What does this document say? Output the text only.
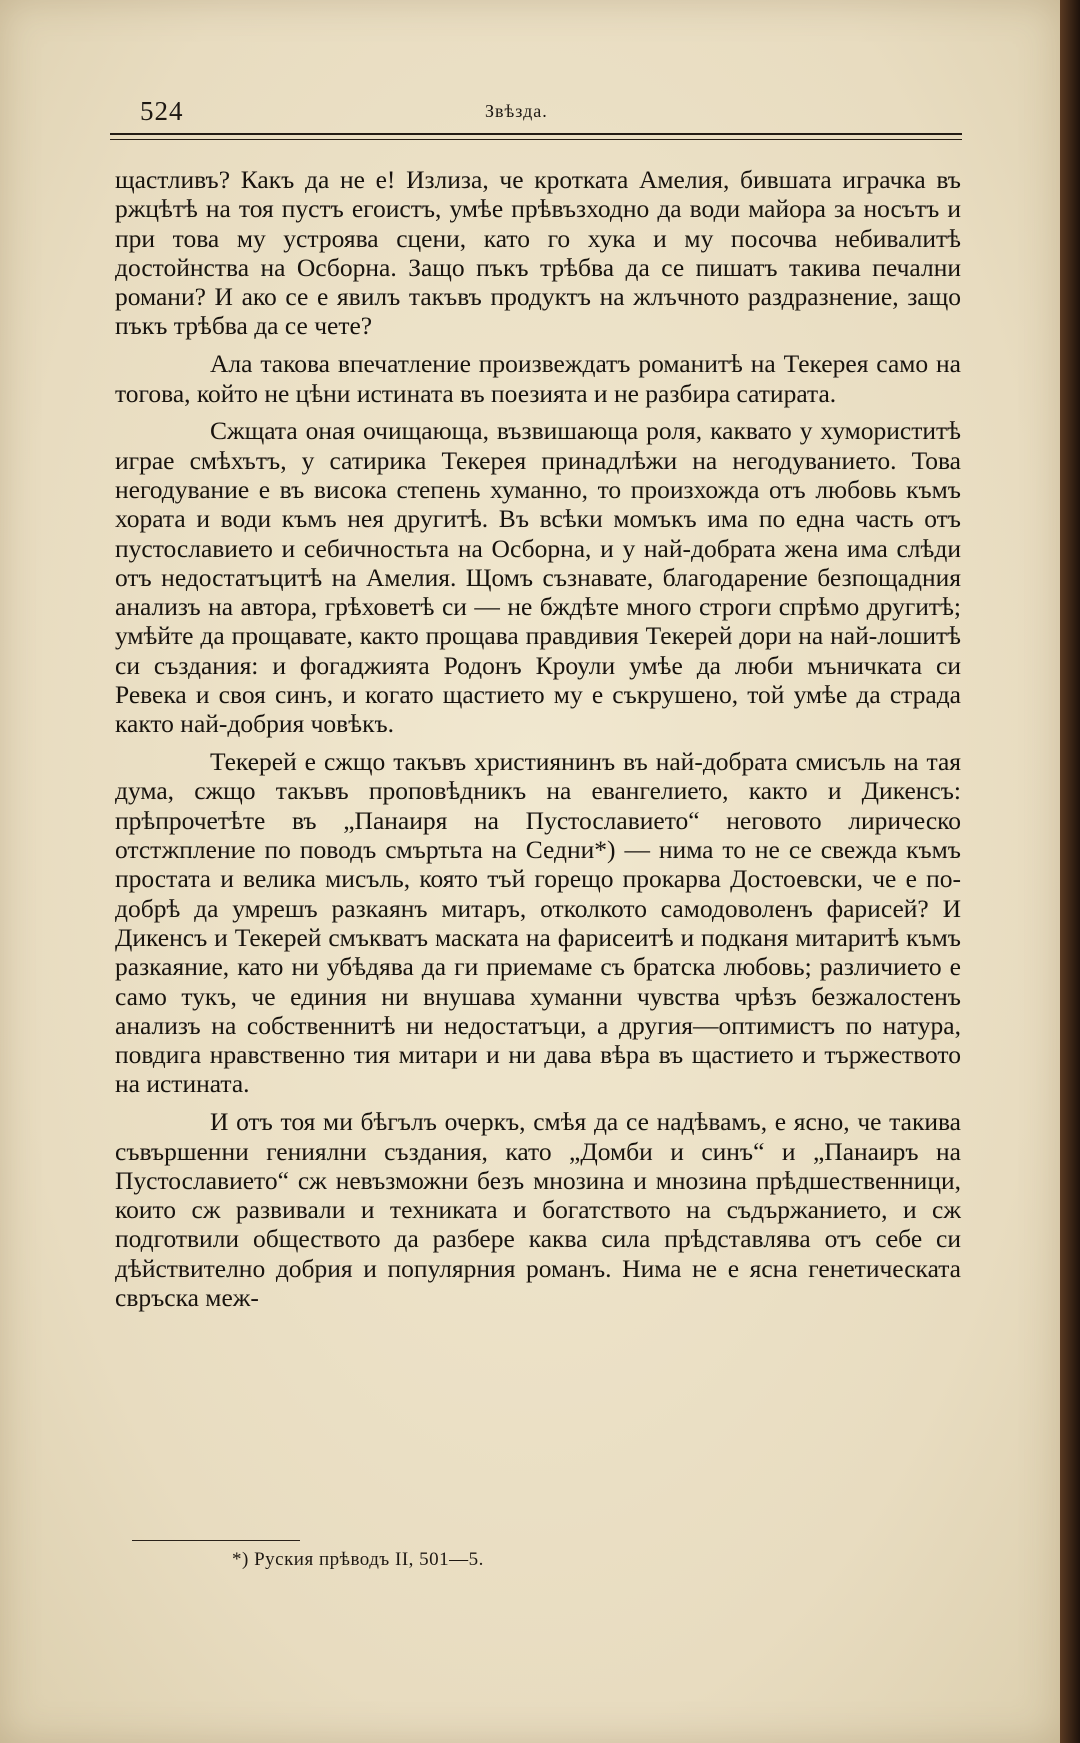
524	Звѣзда.

щастливъ? Какъ да не е! Излиза, че кротката Амелия, бившата играчка въ ржцѣтѣ на тоя пустъ егоистъ, умѣе прѣвъзходно да води майора за носътъ и при това му устроява сцени, като го хука и му посочва небивалитѣ достойнства на Осборна. Защо пъкъ трѣбва да се пишатъ такива печални романи? И ако се е явилъ такъвъ продуктъ на жлъчното раздразнение, защо пъкъ трѣбва да се чете?

Ала такова впечатление произвеждатъ романитѣ на Текерея само на тогова, който не цѣни истината въ поезията и не разбира сатирата.

Сжщата оная очищающа, възвишающа роля, каквато у хумориститѣ играе смѣхътъ, у сатирика Текерея принадлѣжи на негодуванието. Това негодувание е въ висока степень хуманно, то произхожда отъ любовь къмъ хората и води къмъ нея другитѣ. Въ всѣки момъкъ има по една часть отъ пустославието и себичностьта на Осборна, и у най-добрата жена има слѣди отъ недостатъцитѣ на Амелия. Щомъ съзнавате, благодарение безпощадния анализъ на автора, грѣховетѣ си — не бждѣте много строги спрѣмо другитѣ; умѣйте да прощавате, както прощава правдивия Текерей дори на най-лошитѣ си създания: и фогаджията Родонъ Кроули умѣе да люби мъничката си Ревека и своя синъ, и когато щастието му е съкрушено, той умѣе да страда както най-добрия човѣкъ.

Текерей е сжщо такъвъ християнинъ въ най-добрата смисъль на тая дума, сжщо такъвъ проповѣдникъ на евангелието, както и Дикенсъ: прѣпрочетѣте въ „Панаиря на Пустославието“ неговото лирическо отстжпление по поводъ смъртьта на Седни*) — нима то не се свежда къмъ простата и велика мисъль, която тъй горещо прокарва Достоевски, че е по-добрѣ да умрешъ разкаянъ митаръ, отколкото самодоволенъ фарисей? И Дикенсъ и Текерей смъкватъ маската на фарисеитѣ и подканя митаритѣ къмъ разкаяние, като ни убѣдява да ги приемаме съ братска любовь; различието е само тукъ, че единия ни внушава хуманни чувства чрѣзъ безжалостенъ анализъ на собственнитѣ ни недостатъци, а другия—оптимистъ по натура, повдига нравственно тия митари и ни дава вѣра въ щастието и тържеството на истината.

И отъ тоя ми бѣгълъ очеркъ, смѣя да се надѣвамъ, е ясно, че такива съвършенни гениялни създания, като „Домби и синъ“ и „Панаиръ на Пустославието“ сж невъзможни безъ мнозина и мнозина прѣдшественници, които сж развивали и техниката и богатството на съдържанието, и сж подготвили обществото да разбере каква сила прѣдставлява отъ себе си дѣйствително добрия и популярния романъ. Нима не е ясна генетическата свръска меж-

*) Руския прѣводъ II, 501—5.
